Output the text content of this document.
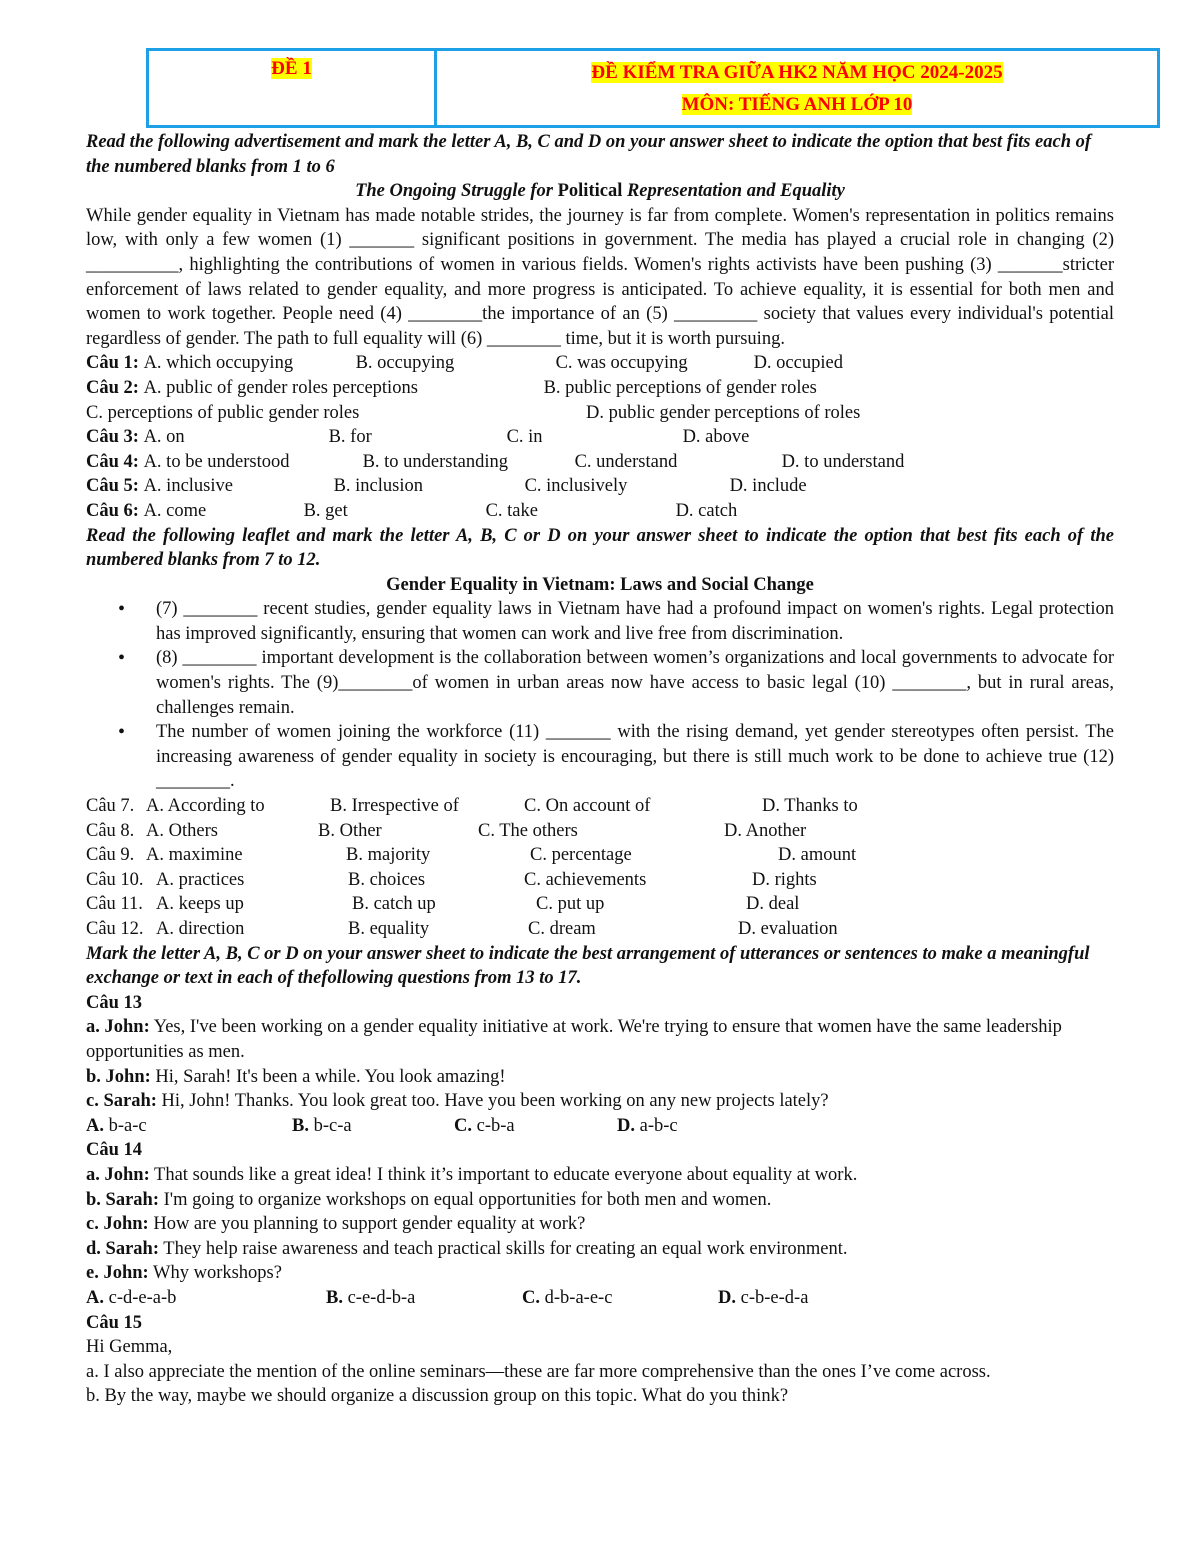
ĐỀ 1	ĐỀ KIỂM TRA GIỮA HK2 NĂM HỌC 2024-2025
MÔN: TIẾNG ANH LỚP 10

Read the following advertisement and mark the letter A, B, C and D on your answer sheet to indicate the option that best fits each of the numbered blanks from 1 to 6

The Ongoing Struggle for Political Representation and Equality

While gender equality in Vietnam has made notable strides, the journey is far from complete. Women's representation in politics remains low, with only a few women (1) _______ significant positions in government. The media has played a crucial role in changing (2) __________, highlighting the contributions of women in various fields. Women's rights activists have been pushing (3) _______stricter enforcement of laws related to gender equality, and more progress is anticipated. To achieve equality, it is essential for both men and women to work together. People need (4) ________the importance of an (5) _________ society that values every individual's potential regardless of gender. The path to full equality will (6) ________ time, but it is worth pursuing.

Câu 1:
A. which occupying	B. occupying	C. was occupying	D. occupied
Câu 2:
A. public of gender roles perceptions	B. public perceptions of gender roles
C. perceptions of public gender roles	D. public gender perceptions of roles
Câu 3:
A. on	B. for	C. in	D. above
Câu 4:
A. to be understood	B. to understanding	C. understand	D. to understand
Câu 5:
A. inclusive	B. inclusion	C. inclusively	D. include
Câu 6:
A. come	B. get	C. take	D. catch

Read the following leaflet and mark the letter A, B, C or D on your answer sheet to indicate the option that best fits each of the numbered blanks from 7 to 12.

Gender Equality in Vietnam: Laws and Social Change

• (7) ________ recent studies, gender equality laws in Vietnam have had a profound impact on women's rights. Legal protection has improved significantly, ensuring that women can work and live free from discrimination.
• (8) ________ important development is the collaboration between women’s organizations and local governments to advocate for women's rights. The (9)________of women in urban areas now have access to basic legal (10) ________, but in rural areas, challenges remain.
• The number of women joining the workforce (11) _______ with the rising demand, yet gender stereotypes often persist. The increasing awareness of gender equality in society is encouraging, but there is still much work to be done to achieve true (12) ________.
Câu 7. A. According to	B. Irrespective of	C. On account of	D. Thanks to
Câu 8. A. Others	B. Other	C. The others	D. Another
Câu 9. A. maximine	B. majority	C. percentage	D. amount
Câu 10. A. practices	B. choices	C. achievements	D. rights
Câu 11. A. keeps up	B. catch up	C. put up	D. deal
Câu 12. A. direction	B. equality	C. dream	D. evaluation

Mark the letter A, B, C or D on your answer sheet to indicate the best arrangement of utterances or sentences to make a meaningful exchange or text in each of thefollowing questions from 13 to 17.

Câu 13

a. John: Yes, I've been working on a gender equality initiative at work. We're trying to ensure that women have the same leadership opportunities as men.

b. John: Hi, Sarah! It's been a while. You look amazing!

c. Sarah: Hi, John! Thanks. You look great too. Have you been working on any new projects lately?

A. b-a-c	B. b-c-a	C. c-b-a	D. a-b-c

Câu 14

a. John: That sounds like a great idea! I think it’s important to educate everyone about equality at work.

b. Sarah: I'm going to organize workshops on equal opportunities for both men and women.

c. John: How are you planning to support gender equality at work?

d. Sarah: They help raise awareness and teach practical skills for creating an equal work environment.

e. John: Why workshops?

A. c-d-e-a-b	B. c-e-d-b-a	C. d-b-a-e-c	D. c-b-e-d-a

Câu 15

Hi Gemma,

a. I also appreciate the mention of the online seminars—these are far more comprehensive than the ones I’ve come across.

b. By the way, maybe we should organize a discussion group on this topic. What do you think?
